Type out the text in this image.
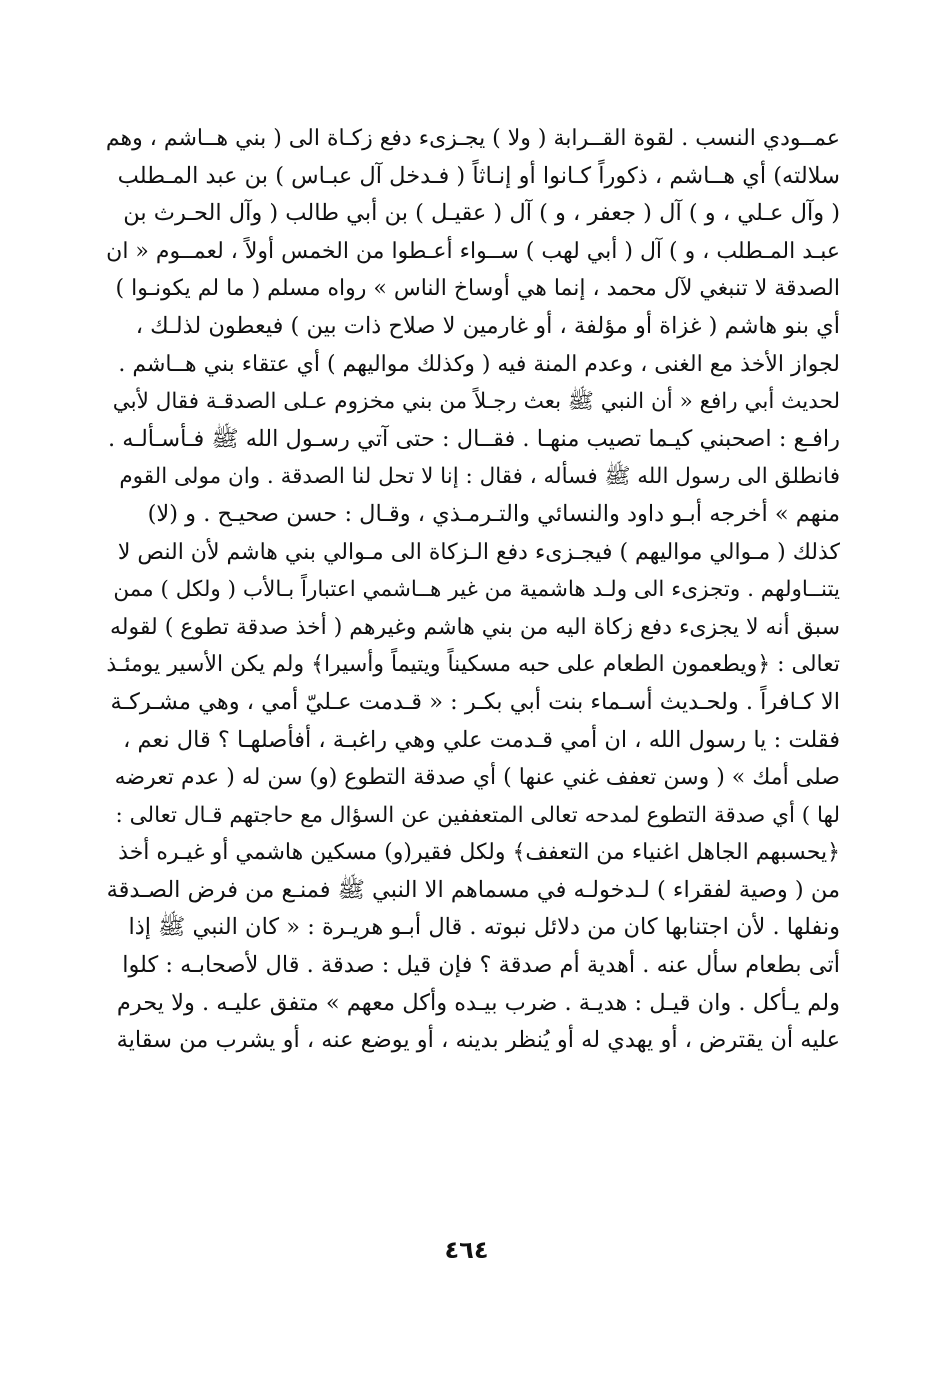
عمــودي النسب . لقوة القــرابة ( ولا ) يجـزىء دفع زكـاة الى ( بني هــاشم ، وهم
سلالته) أي هــاشم ، ذكوراً كـانوا أو إنـاثاً ( فـدخل آل عبـاس ) بن عبد المـطلب
( وآل عـلي ، و ) آل ( جعفر ، و ) آل ( عقيـل ) بن أبي طالب ( وآل الحـرث بن
عبـد المـطلب ، و ) آل ( أبي لهب ) ســواء أعـطوا من الخمس أولاً ، لعمــوم « ان
الصدقة لا تنبغي لآل محمد ، إنما هي أوساخ الناس » رواه مسلم ( ما لم يكونـوا )
أي بنو هاشم ( غزاة أو مؤلفة ، أو غارمين لا صلاح ذات بين ) فيعطون لذلـك ،
لجواز الأخذ مع الغنى ، وعدم المنة فيه ( وكذلك مواليهم ) أي عتقاء بني هــاشم .
لحديث أبي رافع « أن النبي ﷺ بعث رجـلاً من بني مخزوم عـلى الصدقـة فقال لأبي
رافـع : اصحبني كيـما تصيب منهـا . فقــال : حتى آتي رسـول الله ﷺ فـأسـألـه .
فانطلق الى رسول الله ﷺ فسأله ، فقال : إنا لا تحل لنا الصدقة . وان مولى القوم
منهم » أخرجه أبـو داود والنسائي والتـرمـذي ، وقـال : حسن صحيـح . و (لا)
كذلك ( مـوالي مواليهم ) فيجـزىء دفع الـزكاة الى مـوالي بني هاشم لأن النص لا
يتنــاولهم . وتجزىء الى ولـد هاشمية من غير هــاشمي اعتباراً بـالأب ( ولكل ) ممن
سبق أنه لا يجزىء دفع زكاة اليه من بني هاشم وغيرهم ( أخذ صدقة تطوع ) لقوله
تعالى : ﴿ويطعمون الطعام على حبه مسكيناً ويتيماً وأسيرا﴾ ولم يكن الأسير يومئـذ
الا كـافراً . ولحـديث أسـماء بنت أبي بكـر : « قـدمت عـليّ أمي ، وهي مشـركـة
فقلت : يا رسول الله ، ان أمي قـدمت علي وهي راغبـة ، أفأصلهـا ؟ قال نعم ،
صلى أمك » ( وسن تعفف غني عنها ) أي صدقة التطوع (و) سن له ( عدم تعرضه
لها ) أي صدقة التطوع لمدحه تعالى المتعففين عن السؤال مع حاجتهم قـال تعالى :
﴿يحسبهم الجاهل اغنياء من التعفف﴾ ولكل فقير(و) مسكين هاشمي أو غيـره أخذ
من ( وصية لفقراء ) لـدخولـه في مسماهم الا النبي ﷺ فمنـع من فرض الصـدقة
ونفلها . لأن اجتنابها كان من دلائل نبوته . قال أبـو هريـرة : « كان النبي ﷺ إذا
أتى بطعام سأل عنه . أهدية أم صدقة ؟ فإن قيل : صدقة . قال لأصحابـه : كلوا
ولم يـأكل . وان قيـل : هديـة . ضرب بيـده وأكل معهم » متفق عليـه . ولا يحرم
عليه أن يقترض ، أو يهدي له أو يُنظر بدينه ، أو يوضع عنه ، أو يشرب من سقاية
٤٦٤
